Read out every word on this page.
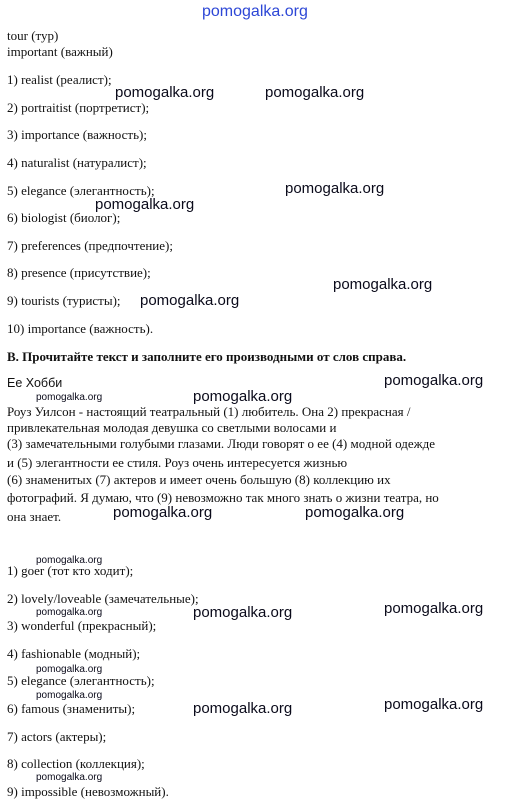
pomogalka.org
tour (тур)
important (важный)
1) realist (реалист);
2) portraitist (портретист);
3) importance (важность);
4) naturalist (натуралист);
5) elegance (элегантность);
6) biologist (биолог);
7) preferences (предпочтение);
8) presence (присутствие);
9) tourists (туристы);
10) importance (важность).
B. Прочитайте текст и заполните его производными от слов справа.
Ее Хобби
Роуз Уилсон - настоящий театральный (1) любитель. Она 2) прекрасная /
привлекательная молодая девушка со светлыми волосами и
(3) замечательными голубыми глазами. Люди говорят о ее (4) модной одежде
и (5) элегантности ее стиля. Роуз очень интересуется жизнью
(6) знаменитых (7) актеров и имеет очень большую (8) коллекцию их
фотографий. Я думаю, что (9) невозможно так много знать о жизни театра, но
она знает.
1) goer (тот кто ходит);
2) lovely/loveable (замечательные);
3) wonderful (прекрасный);
4) fashionable (модный);
5) elegance (элегантность);
6) famous (знамениты);
7) actors (актеры);
8) collection (коллекция);
9) impossible (невозможный).
pomogalka.org	pomogalka.org
pomogalka.org
pomogalka.org
pomogalka.org
pomogalka.org
pomogalka.org
pomogalka.org
pomogalka.org	pomogalka.org
pomogalka.org
pomogalka.org
pomogalka.org
pomogalka.org
pomogalka.org
pomogalka.org
pomogalka.org
pomogalka.org
pomogalka.org
pomogalka.org
